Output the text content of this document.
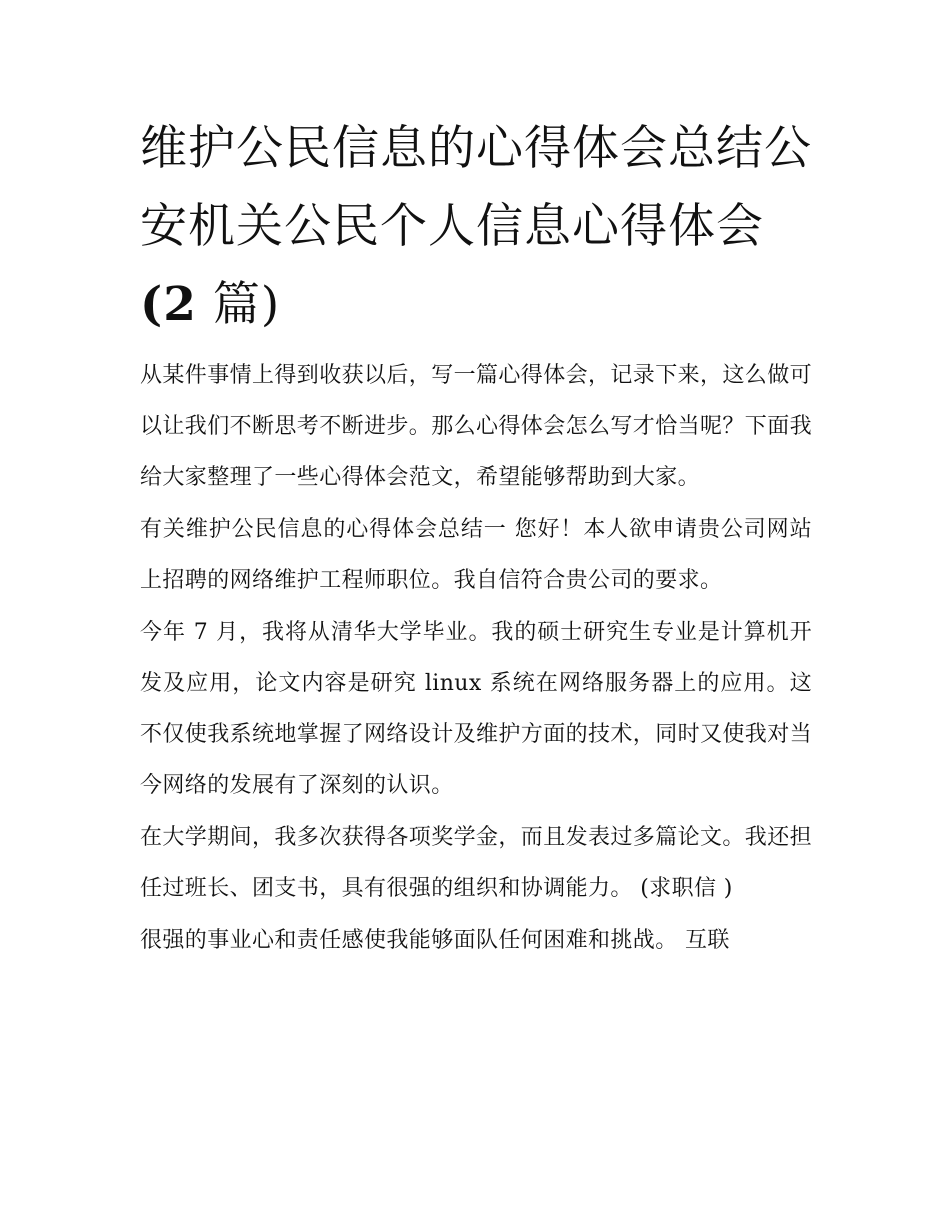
维护公民信息的心得体会总结公安机关公民个人信息心得体会(2 篇)

从某件事情上得到收获以后，写一篇心得体会，记录下来，这么做可以让我们不断思考不断进步。那么心得体会怎么写才恰当呢？下面我给大家整理了一些心得体会范文，希望能够帮助到大家。

有关维护公民信息的心得体会总结一 您好！本人欲申请贵公司网站上招聘的网络维护工程师职位。我自信符合贵公司的要求。

今年 7 月，我将从清华大学毕业。我的硕士研究生专业是计算机开发及应用，论文内容是研究 linux 系统在网络服务器上的应用。这不仅使我系统地掌握了网络设计及维护方面的技术，同时又使我对当今网络的发展有了深刻的认识。

在大学期间，我多次获得各项奖学金，而且发表过多篇论文。我还担任过班长、团支书，具有很强的组织和协调能力。 (求职信 )

很强的事业心和责任感使我能够面队任何困难和挑战。 互联
